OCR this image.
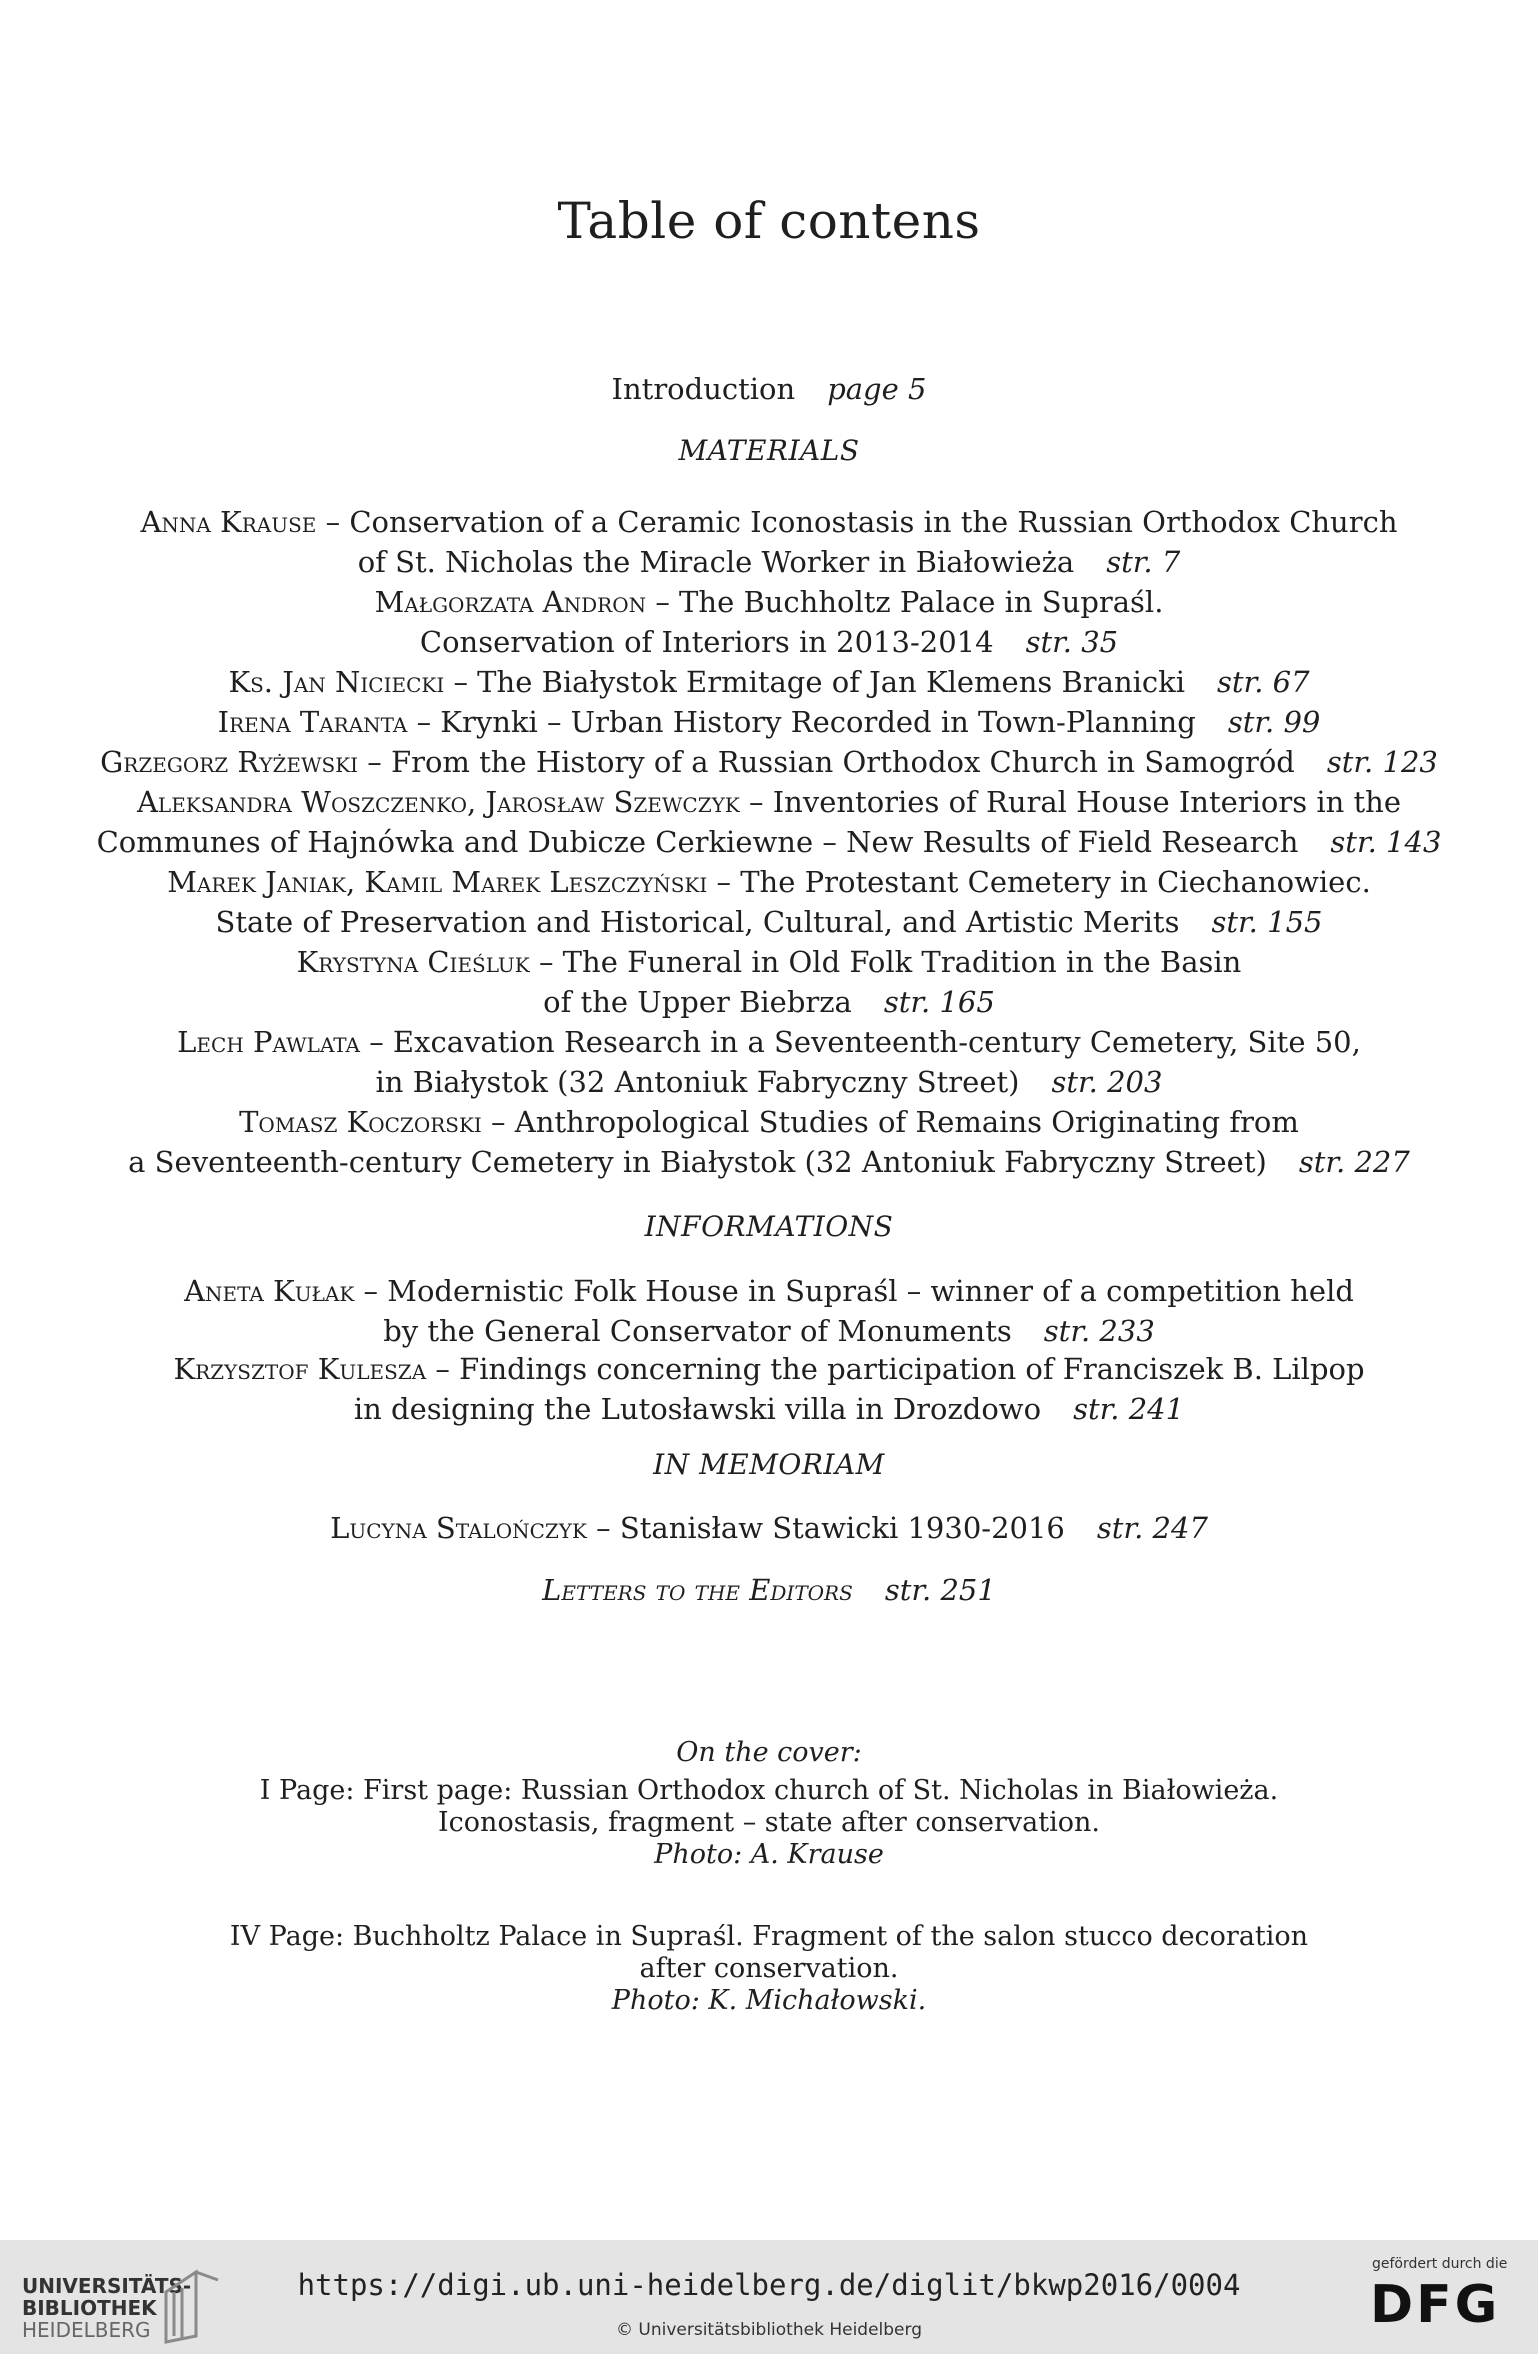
Table of contens
Introduction page 5
MATERIALS
Anna Krause – Conservation of a Ceramic Iconostasis in the Russian Orthodox Church
of St. Nicholas the Miracle Worker in Białowieża str. 7
Małgorzata Andron – The Buchholtz Palace in Supraśl.
Conservation of Interiors in 2013-2014 str. 35
Ks. Jan Niciecki – The Białystok Ermitage of Jan Klemens Branicki str. 67
Irena Taranta – Krynki – Urban History Recorded in Town-Planning str. 99
Grzegorz Ryżewski – From the History of a Russian Orthodox Church in Samogród str. 123
Aleksandra Woszczenko, Jarosław Szewczyk – Inventories of Rural House Interiors in the
Communes of Hajnówka and Dubicze Cerkiewne – New Results of Field Research str. 143
Marek Janiak, Kamil Marek Leszczyński – The Protestant Cemetery in Ciechanowiec.
State of Preservation and Historical, Cultural, and Artistic Merits str. 155
Krystyna Cieśluk – The Funeral in Old Folk Tradition in the Basin
of the Upper Biebrza str. 165
Lech Pawlata – Excavation Research in a Seventeenth-century Cemetery, Site 50,
in Białystok (32 Antoniuk Fabryczny Street) str. 203
Tomasz Koczorski – Anthropological Studies of Remains Originating from
a Seventeenth-century Cemetery in Białystok (32 Antoniuk Fabryczny Street) str. 227
INFORMATIONS
Aneta Kułak – Modernistic Folk House in Supraśl – winner of a competition held
by the General Conservator of Monuments str. 233
Krzysztof Kulesza – Findings concerning the participation of Franciszek B. Lilpop
in designing the Lutosławski villa in Drozdowo str. 241
IN MEMORIAM
Lucyna Stalończyk – Stanisław Stawicki 1930-2016 str. 247
Letters to the Editors str. 251
On the cover:
I Page: First page: Russian Orthodox church of St. Nicholas in Białowieża.
Iconostasis, fragment – state after conservation.
Photo: A. Krause
IV Page: Buchholtz Palace in Supraśl. Fragment of the salon stucco decoration
after conservation.
Photo: K. Michałowski.
UNIVERSITÄTS-
BIBLIOTHEK
HEIDELBERG
https://digi.ub.uni-heidelberg.de/diglit/bkwp2016/0004
© Universitätsbibliothek Heidelberg
gefördert durch die
DFG
